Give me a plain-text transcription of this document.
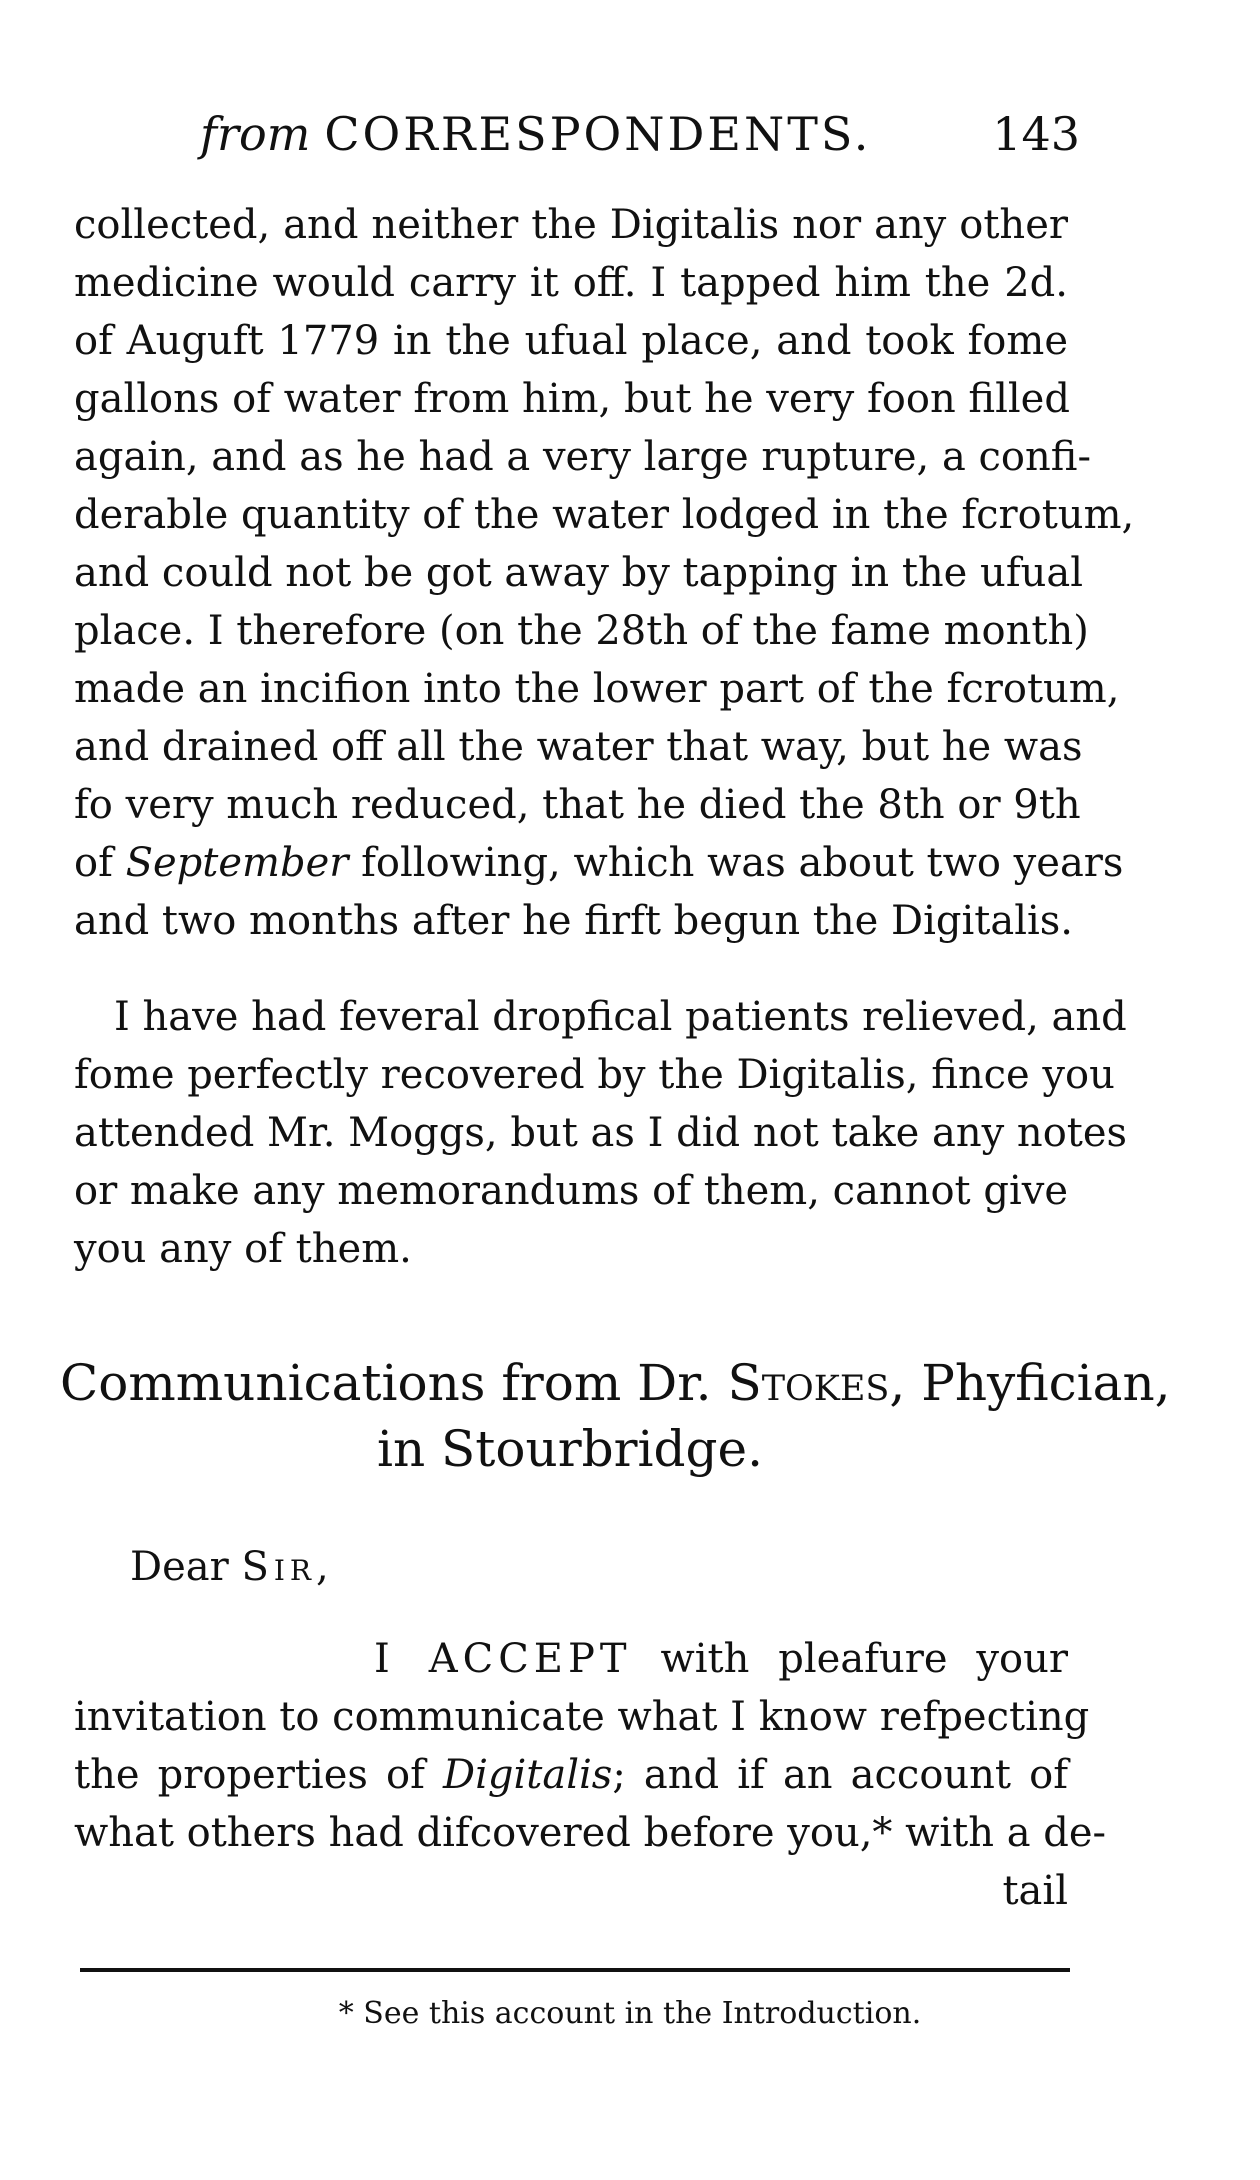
from CORRESPONDENTS.	143
collected, and neither the Digitalis nor any other
medicine would carry it off. I tapped him the 2d.
of Auguft 1779 in the ufual place, and took fome
gallons of water from him, but he very foon filled
again, and as he had a very large rupture, a confi-
derable quantity of the water lodged in the fcrotum,
and could not be got away by tapping in the ufual
place. I therefore (on the 28th of the fame month)
made an incifion into the lower part of the fcrotum,
and drained off all the water that way, but he was
fo very much reduced, that he died the 8th or 9th
of September following, which was about two years
and two months after he firft begun the Digitalis.
I have had feveral dropfical patients relieved, and
fome perfectly recovered by the Digitalis, fince you
attended Mr. Moggs, but as I did not take any notes
or make any memorandums of them, cannot give
you any of them.
Communications from Dr. Stokes, Phyfician,
in Stourbridge.
Dear Sir,
I ACCEPT with pleafure your
invitation to communicate what I know refpecting
the properties of Digitalis; and if an account of
what others had difcovered before you,* with a de-
tail
* See this account in the Introduction.
